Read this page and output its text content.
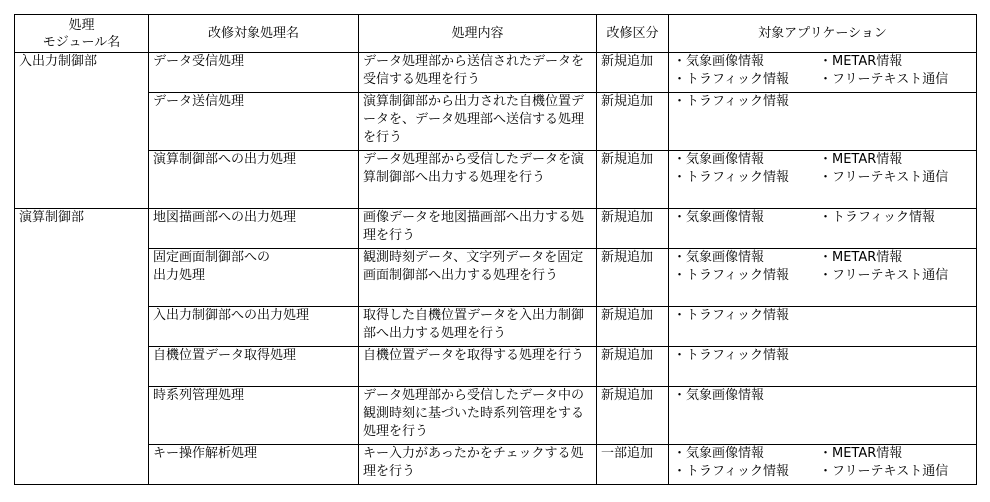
処理
モジュール名	改修対象処理名	処理内容	改修区分	対象アプリケーション
入出力制御部	データ受信処理	データ処理部から送信されたデータを受信する処理を行う	新規追加	・気象画像情報 ・METAR情報
・トラフィック情報 ・フリーテキスト通信

	データ送信処理	演算制御部から出力された自機位置データを、データ処理部へ送信する処理を行う	新規追加	・トラフィック情報

	演算制御部への出力処理	データ処理部から受信したデータを演算制御部へ出力する処理を行う	新規追加	・気象画像情報 ・METAR情報
・トラフィック情報 ・フリーテキスト通信

演算制御部	地図描画部への出力処理	画像データを地図描画部へ出力する処理を行う	新規追加	・気象画像情報 ・トラフィック情報

	固定画面制御部への
出力処理	観測時刻データ、文字列データを固定画面制御部へ出力する処理を行う	新規追加	・気象画像情報 ・METAR情報
・トラフィック情報 ・フリーテキスト通信

	入出力制御部への出力処理	取得した自機位置データを入出力制御部へ出力する処理を行う	新規追加	・トラフィック情報

	自機位置データ取得処理	自機位置データを取得する処理を行う	新規追加	・トラフィック情報

	時系列管理処理	データ処理部から受信したデータ中の観測時刻に基づいた時系列管理をする処理を行う	新規追加	・気象画像情報

	キー操作解析処理	キー入力があったかをチェックする処理を行う	一部追加	・気象画像情報 ・METAR情報
・トラフィック情報 ・フリーテキスト通信
